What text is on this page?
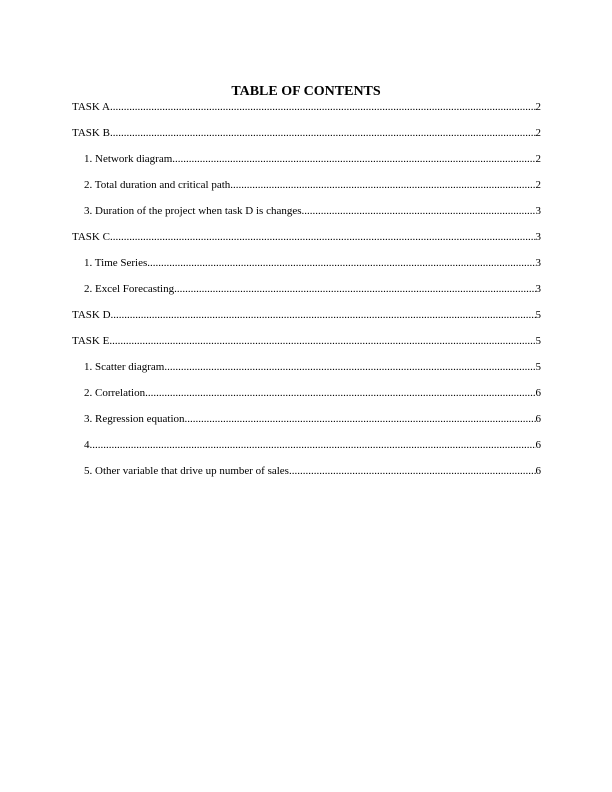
TABLE OF CONTENTS
TASK A .....	2
TASK B .....	2
1. Network diagram .....	2
2. Total duration and critical path .....	2
3. Duration of the project when task D is changes .....	3
TASK C .....	3
1. Time Series .....	3
2. Excel Forecasting .....	3
TASK D .....	5
TASK E .....	5
1. Scatter diagram .....	5
2. Correlation .....	6
3. Regression equation .....	6
4. .....	6
5. Other variable that drive up number of sales .....	6
